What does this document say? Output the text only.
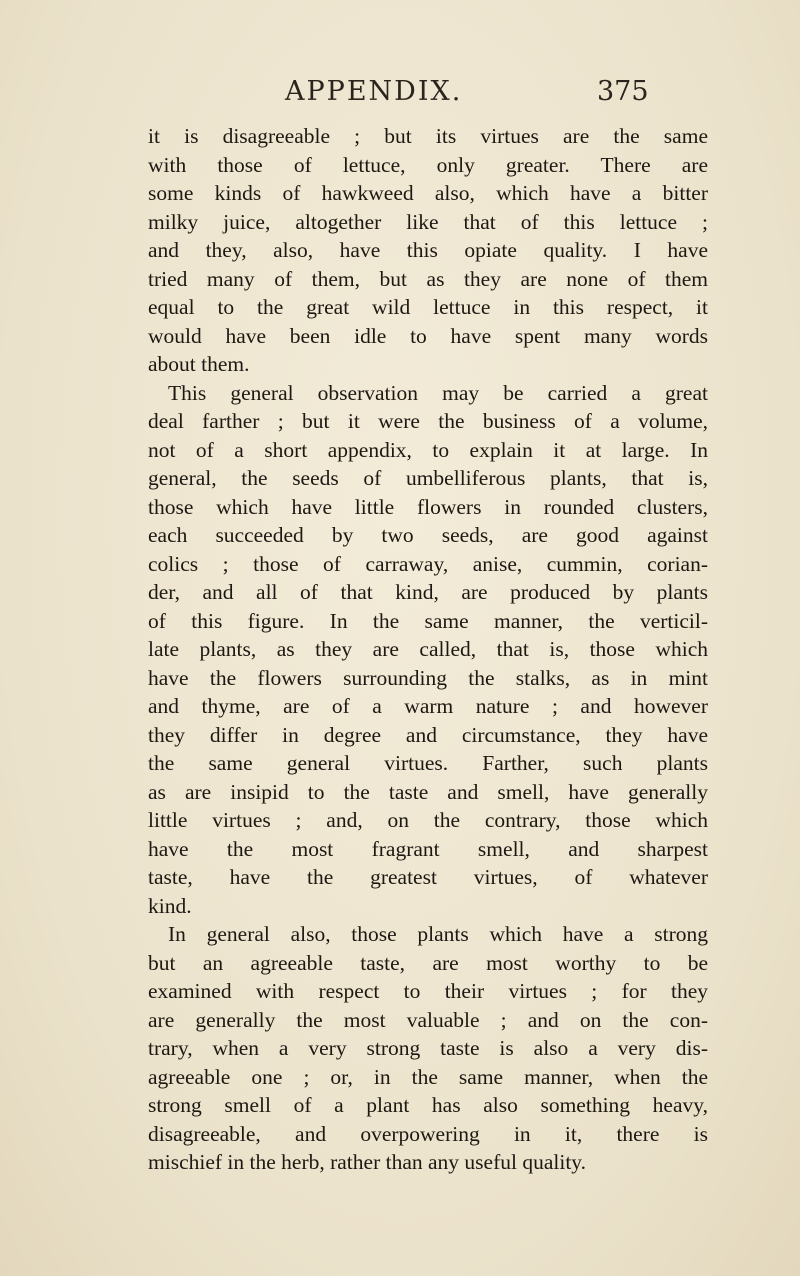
APPENDIX.	375
it is disagreeable ; but its virtues are the same
with those of lettuce, only greater. There are
some kinds of hawkweed also, which have a bitter
milky juice, altogether like that of this lettuce ;
and they, also, have this opiate quality. I have
tried many of them, but as they are none of them
equal to the great wild lettuce in this respect, it
would have been idle to have spent many words
about them.
This general observation may be carried a great
deal farther ; but it were the business of a volume,
not of a short appendix, to explain it at large. In
general, the seeds of umbelliferous plants, that is,
those which have little flowers in rounded clusters,
each succeeded by two seeds, are good against
colics ; those of carraway, anise, cummin, corian-
der, and all of that kind, are produced by plants
of this figure. In the same manner, the verticil-
late plants, as they are called, that is, those which
have the flowers surrounding the stalks, as in mint
and thyme, are of a warm nature ; and however
they differ in degree and circumstance, they have
the same general virtues. Farther, such plants
as are insipid to the taste and smell, have generally
little virtues ; and, on the contrary, those which
have the most fragrant smell, and sharpest
taste, have the greatest virtues, of whatever
kind.
In general also, those plants which have a strong
but an agreeable taste, are most worthy to be
examined with respect to their virtues ; for they
are generally the most valuable ; and on the con-
trary, when a very strong taste is also a very dis-
agreeable one ; or, in the same manner, when the
strong smell of a plant has also something heavy,
disagreeable, and overpowering in it, there is
mischief in the herb, rather than any useful quality.
